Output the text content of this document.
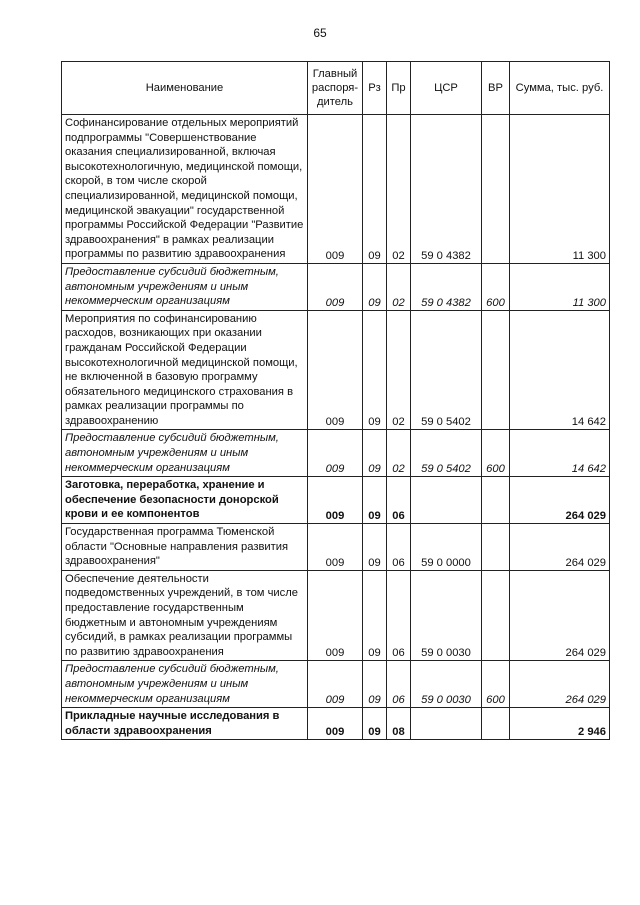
65
Наименование	Главный распоря-дитель	Рз	Пр	ЦСР	ВР	Сумма, тыс. руб.
Софинансирование отдельных мероприятий подпрограммы "Совершенствование оказания специализированной, включая высокотехнологичную, медицинской помощи, скорой, в том числе скорой специализированной, медицинской помощи, медицинской эвакуации" государственной программы Российской Федерации "Развитие здравоохранения" в рамках реализации программы по развитию здравоохранения	009	09	02	59 0 4382		11 300
Предоставление субсидий бюджетным, автономным учреждениям и иным некоммерческим организациям	009	09	02	59 0 4382	600	11 300
Мероприятия по софинансированию расходов, возникающих при оказании гражданам Российской Федерации высокотехнологичной медицинской помощи, не включенной в базовую программу обязательного медицинского страхования в рамках реализации программы по здравоохранению	009	09	02	59 0 5402		14 642
Предоставление субсидий бюджетным, автономным учреждениям и иным некоммерческим организациям	009	09	02	59 0 5402	600	14 642
Заготовка, переработка, хранение и обеспечение безопасности донорской крови и ее компонентов	009	09	06			264 029
Государственная программа Тюменской области "Основные направления развития здравоохранения"	009	09	06	59 0 0000		264 029
Обеспечение деятельности подведомственных учреждений, в том числе предоставление государственным бюджетным и автономным учреждениям субсидий, в рамках реализации программы по развитию здравоохранения	009	09	06	59 0 0030		264 029
Предоставление субсидий бюджетным, автономным учреждениям и иным некоммерческим организациям	009	09	06	59 0 0030	600	264 029
Прикладные научные исследования в области здравоохранения	009	09	08			2 946
